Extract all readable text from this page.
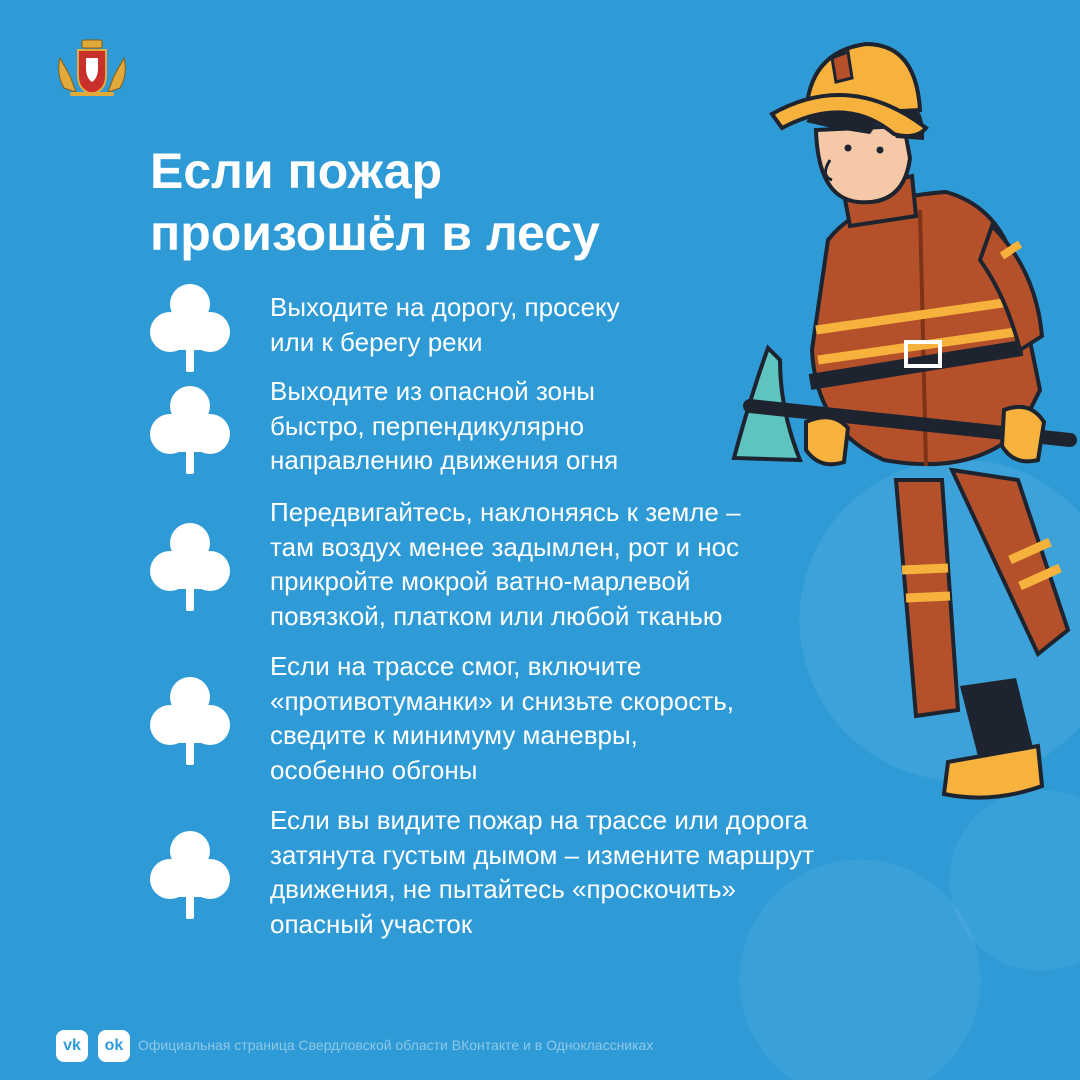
Если пожар
произошёл в лесу
Выходите на дорогу, просеку
или к берегу реки
Выходите из опасной зоны
быстро, перпендикулярно
направлению движения огня
Передвигайтесь, наклоняясь к земле –
там воздух менее задымлен, рот и нос
прикройте мокрой ватно-марлевой
повязкой, платком или любой тканью
Если на трассе смог, включите
«противотуманки» и снизьте скорость,
сведите к минимуму маневры,
особенно обгоны
Если вы видите пожар на трассе или дорога
затянута густым дымом – измените маршрут
движения, не пытайтесь «проскочить»
опасный участок
vk	ok	Официальная страница Свердловской области ВКонтакте и в Одноклассниках
